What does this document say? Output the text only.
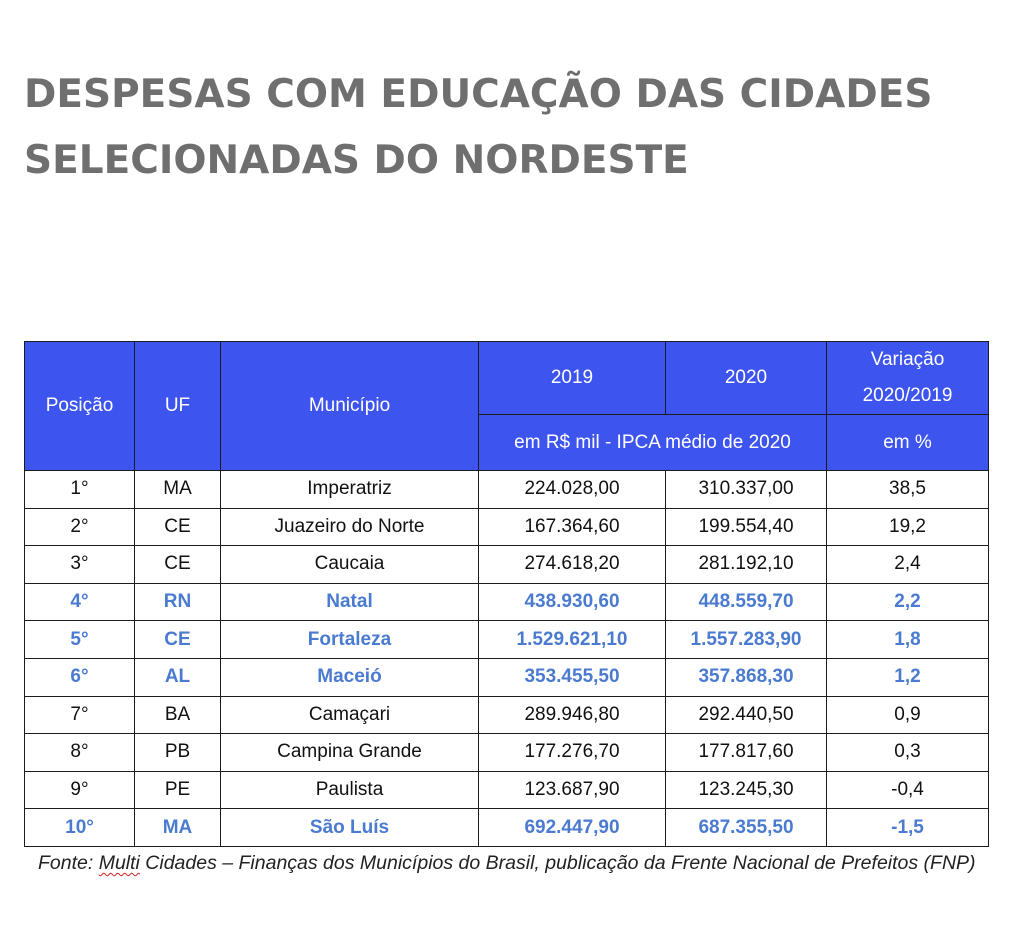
DESPESAS COM EDUCAÇÃO DAS CIDADES SELECIONADAS DO NORDESTE
Posição	UF	Município	2019	2020	Variação
2020/2019
			em R$ mil - IPCA médio de 2020		em %
1°	MA	Imperatriz	224.028,00	310.337,00	38,5
2°	CE	Juazeiro do Norte	167.364,60	199.554,40	19,2
3°	CE	Caucaia	274.618,20	281.192,10	2,4
4°	RN	Natal	438.930,60	448.559,70	2,2
5°	CE	Fortaleza	1.529.621,10	1.557.283,90	1,8
6°	AL	Maceió	353.455,50	357.868,30	1,2
7°	BA	Camaçari	289.946,80	292.440,50	0,9
8°	PB	Campina Grande	177.276,70	177.817,60	0,3
9°	PE	Paulista	123.687,90	123.245,30	-0,4
10°	MA	São Luís	692.447,90	687.355,50	-1,5
Fonte: Multi Cidades – Finanças dos Municípios do Brasil, publicação da Frente Nacional de Prefeitos (FNP)
